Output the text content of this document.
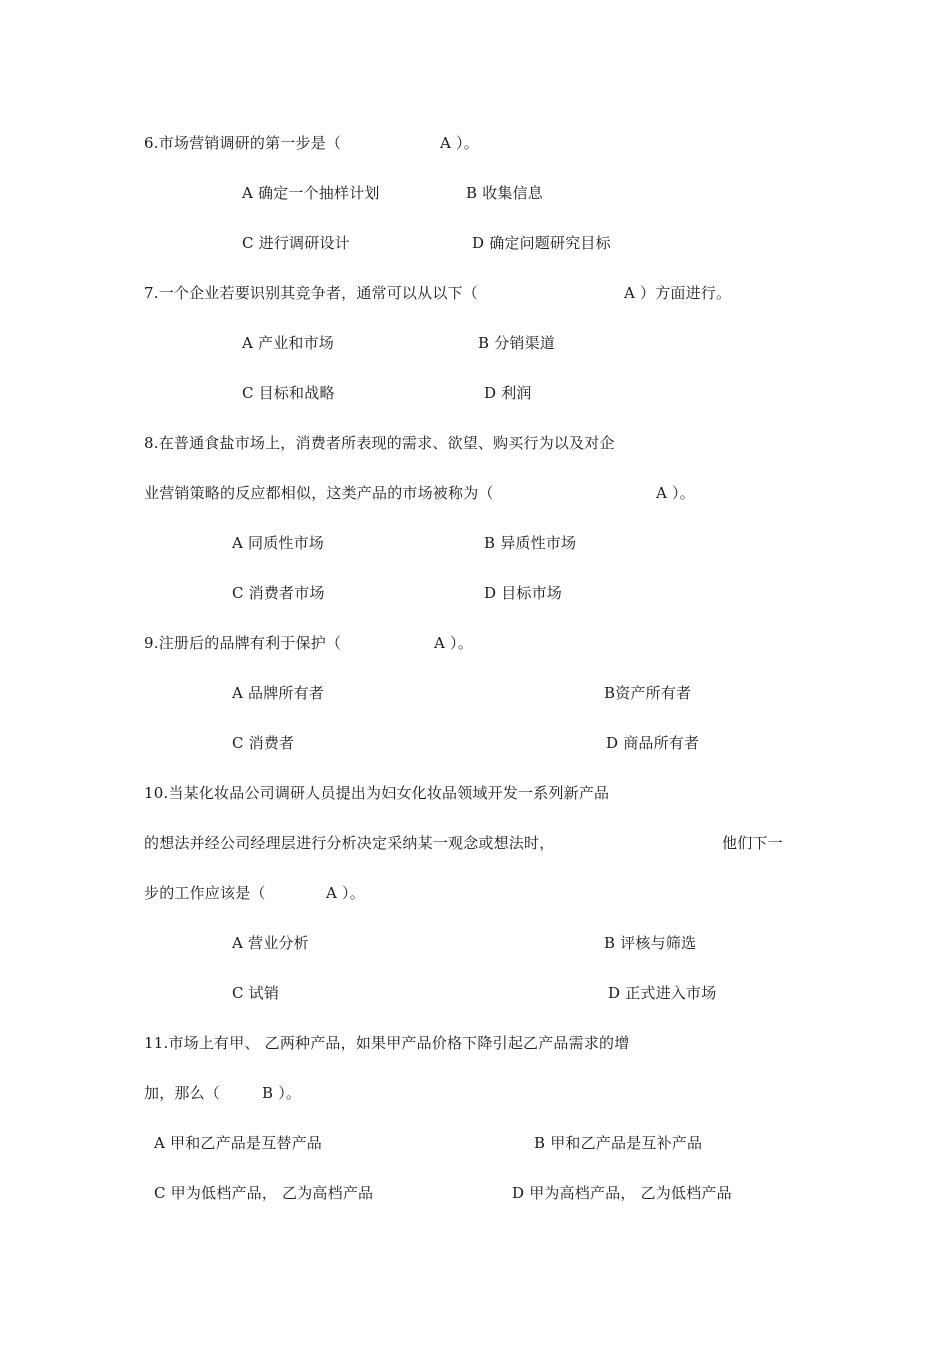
6.市场营销调研的第一步是（	A ）。
A 确定一个抽样计划	B 收集信息
C 进行调研设计	D 确定问题研究目标
7.一个企业若要识别其竞争者，通常可以从以下（	A ）方面进行。
A 产业和市场	B 分销渠道
C 目标和战略	D 利润
8.在普通食盐市场上，消费者所表现的需求、欲望、购买行为以及对企
业营销策略的反应都相似，这类产品的市场被称为（	A ）。
A 同质性市场	B 异质性市场
C 消费者市场	D 目标市场
9.注册后的品牌有利于保护（	A ）。
A 品牌所有者	B资产所有者
C 消费者	D 商品所有者
10.当某化妆品公司调研人员提出为妇女化妆品领域开发一系列新产品
的想法并经公司经理层进行分析决定采纳某一观念或想法时，	他们下一
步的工作应该是（	A ）。
A 营业分析	B 评核与筛选
C 试销	D 正式进入市场
11.市场上有甲、 乙两种产品，如果甲产品价格下降引起乙产品需求的增
加，那么（	B ）。
A 甲和乙产品是互替产品	B 甲和乙产品是互补产品
C 甲为低档产品， 乙为高档产品	D 甲为高档产品， 乙为低档产品
